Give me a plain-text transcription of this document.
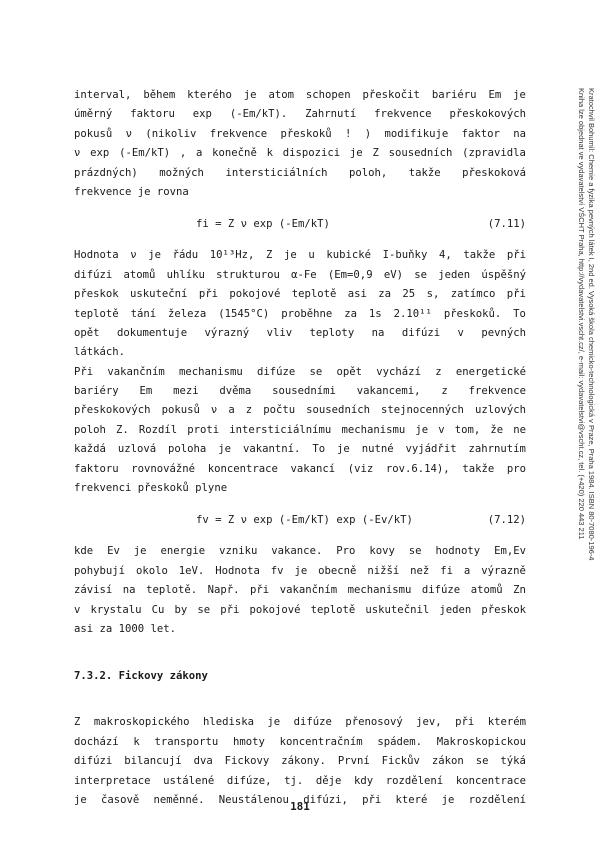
Kratochvil Bohumil: Chemie a fyzika pevných látek I, 2nd ed. Vysoká škola chemicko-technologická v Praze, Praha 1984. ISBN 80-7080-196-4
Kniha lze objednat ve vydavatelství VŠCHT Praha, http://vydavatelstvi.vscht.cz/, e-mail: vydavatelstvi@vscht.cz, tel. (+420) 220 443 211
interval, během kterého je atom schopen přeskočit bariéru Em je
úměrný faktoru exp (-Em/kT). Zahrnutí frekvence přeskokových
pokusů ν (nikoliv frekvence přeskoků ! ) modifikuje faktor na
ν exp (-Em/kT) , a konečně k dispozici je Z sousedních (zpravidla
prázdných) možných intersticiálních poloh, takže přeskoková
frekvence je rovna
fi = Z ν exp (-Em/kT)	(7.11)
Hodnota ν je řádu 10¹³Hz, Z je u kubické I-buňky 4, takže při
difúzi atomů uhlíku strukturou α-Fe (Em=0,9 eV) se jeden úspěšný
přeskok uskuteční při pokojové teplotě asi za 25 s, zatímco při
teplotě tání železa (1545°C) proběhne za 1s 2.10¹¹ přeskoků. To
opět dokumentuje výrazný vliv teploty na difúzi v pevných
látkách.
Při vakančním mechanismu difúze se opět vychází z energetické
bariéry Em mezi dvěma sousedními vakancemi, z frekvence
přeskokových pokusů ν a z počtu sousedních stejnocenných uzlových
poloh Z. Rozdíl proti intersticiálnímu mechanismu je v tom, že ne
každá uzlová poloha je vakantní. To je nutné vyjádřit zahrnutím
faktoru rovnovážné koncentrace vakancí (viz rov.6.14), takže pro
frekvenci přeskoků plyne
fv = Z ν exp (-Em/kT) exp (-Ev/kT)	(7.12)
kde Ev je energie vzniku vakance. Pro kovy se hodnoty Em,Ev
pohybují okolo 1eV. Hodnota fv je obecně nižší než fi a výrazně
závisí na teplotě. Např. při vakančním mechanismu difúze atomů Zn
v krystalu Cu by se při pokojové teplotě uskutečnil jeden přeskok
asi za 1000 let.
7.3.2. Fickovy zákony
Z makroskopického hlediska je difúze přenosový jev, při kterém
dochází k transportu hmoty koncentračním spádem. Makroskopickou
difúzi bilancují dva Fickovy zákony. První Fickův zákon se týká
interpretace ustálené difúze, tj. děje kdy rozdělení koncentrace
je časově neměnné. Neustálenou difúzi, při které je rozdělení
181
